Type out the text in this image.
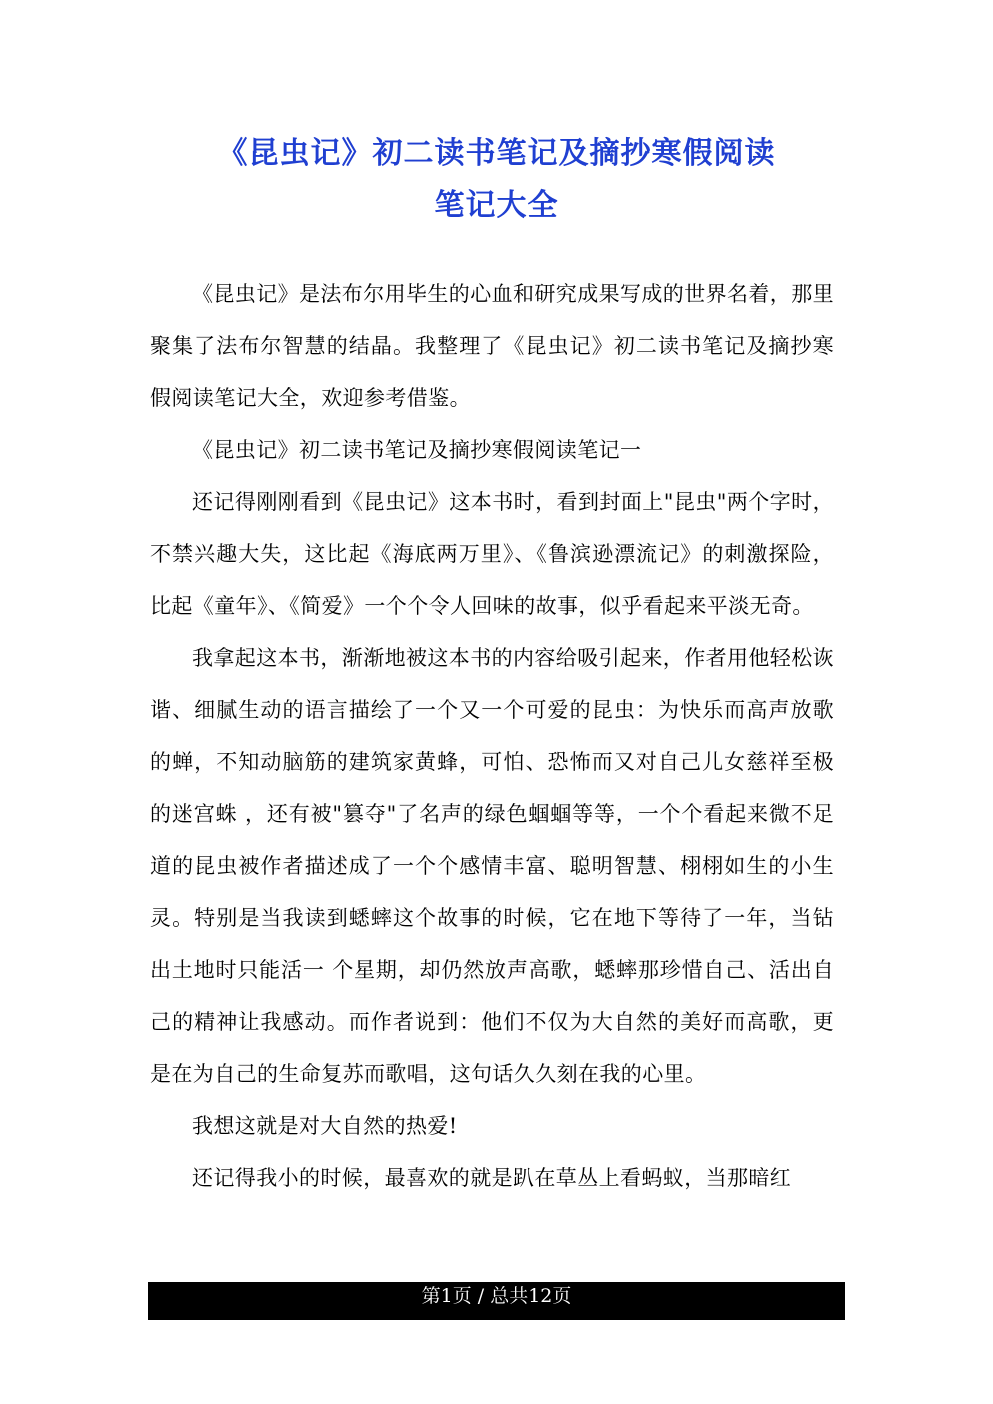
《昆虫记》初二读书笔记及摘抄寒假阅读
笔记大全

《昆虫记》是法布尔用毕生的心血和研究成果写成的世界名着，那里聚集了法布尔智慧的结晶。我整理了《昆虫记》初二读书笔记及摘抄寒假阅读笔记大全，欢迎参考借鉴。

《昆虫记》初二读书笔记及摘抄寒假阅读笔记一

还记得刚刚看到《昆虫记》这本书时，看到封面上"昆虫"两个字时，不禁兴趣大失，这比起《海底两万里》、《鲁滨逊漂流记》的刺激探险，比起《童年》、《简爱》一个个令人回味的故事，似乎看起来平淡无奇。

我拿起这本书，渐渐地被这本书的内容给吸引起来，作者用他轻松诙谐、细腻生动的语言描绘了一个又一个可爱的昆虫：为快乐而高声放歌的蝉，不知动脑筋的建筑家黄蜂，可怕、恐怖而又对自己儿女慈祥至极的迷宫蛛 ，还有被"篡夺"了名声的绿色蝈蝈等等，一个个看起来微不足道的昆虫被作者描述成了一个个感情丰富、聪明智慧、栩栩如生的小生灵。特别是当我读到蟋蟀这个故事的时候，它在地下等待了一年，当钻出土地时只能活一 个星期，却仍然放声高歌，蟋蟀那珍惜自己、活出自己的精神让我感动。而作者说到：他们不仅为大自然的美好而高歌，更是在为自己的生命复苏而歌唱，这句话久久刻在我的心里。

我想这就是对大自然的热爱!

还记得我小的时候，最喜欢的就是趴在草丛上看蚂蚁，当那暗红

第1页 / 总共12页
